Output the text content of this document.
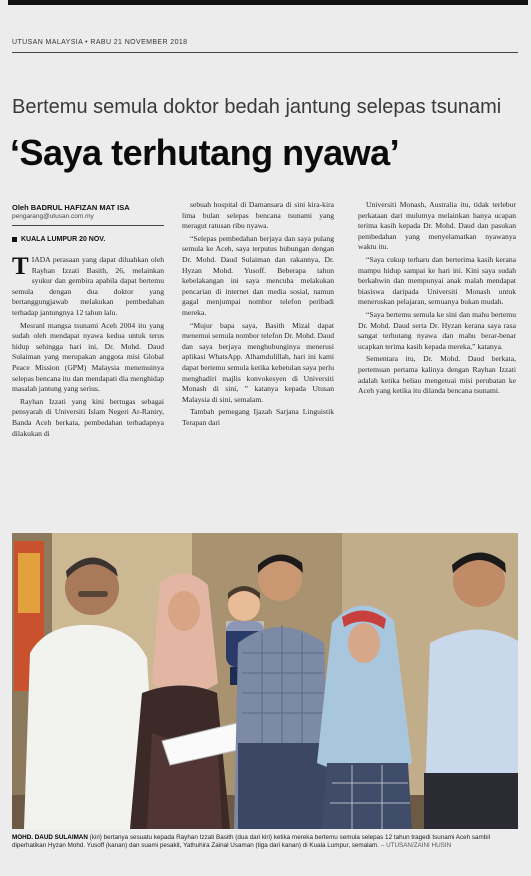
UTUSAN MALAYSIA • RABU 21 NOVEMBER 2018
Bertemu semula doktor bedah jantung selepas tsunami
‘Saya terhutang nyawa’
Oleh BADRUL HAFIZAN MAT ISA
pengarang@utusan.com.my
KUALA LUMPUR 20 NOV.

TIADA perasaan yang dapat diluahkan oleh Rayhan Izzati Basith, 26, melainkan syukur dan gembira apabila dapat bertemu semula dengan dua doktor yang bertanggungjawab melakukan pembedahan terhadap jantungnya 12 tahun lalu.

Mesranl mangsa tsunami Aceh 2004 itu yang sudah oleh mendapat nyawa kedua untuk terus hidup sehingga hari ini, Dr. Mohd. Daud Sulaiman yang merupakan anggota misi Global Peace Mission (GPM) Malaysia menemuinya selepas bencana itu dan mendapati dia menghidap masalah jantung yang serius.

Rayhan Izzati yang kini bertugas sebagai pensyarah di Universiti Islam Negeri Ar-Raniry, Banda Aceh berkata, pembedahan terhadapnya dilakukan di

sebuah hospital di Damansara di sini kira-kira lima bulan selepas bencana tsunami yang meragut ratusan ribu nyawa.

“Selepas pembedahan berjaya dan saya pulang semula ke Aceh, saya terputus hubungan dengan Dr. Mohd. Daud Sulaiman dan rakannya, Dr. Hyzan Mohd. Yusoff. Beberapa tahun kebelakangan ini saya mencuba melakukan pencarian di internet dan media sosial, namun gagal menjumpai nombor telefon peribadi mereka.

“Mujur bapa saya, Basith Mizal dapat menemui semula nombor telefon Dr. Mohd. Daud dan saya berjaya menghubunginya menerusi aplikasi WhatsApp. Alhamdulillah, hari ini kami dapat bertemu semula ketika kebetulan saya perlu menghadiri majlis konvokesyen di Universiti Monash di sini, ” katanya kepada Utusan Malaysia di sini, semalam.

Tambah pemegang Ijazah Sarjana Linguistik Terapan dari

Universiti Monash, Australia itu, tidak terlebur perkataan dari mulutnya melainkan hanya ucapan terima kasih kepada Dr. Mohd. Daud dan pasukan pembedahan yang menyelamatkan nyawanya waktu itu.

“Saya cukup terharu dan berterima kasih kerana mampu hidup sampai ke hari ini. Kini saya sudah berkahwin dan mempunyai anak malah mendapat biasiswa daripada Universiti Monash untuk meneruskan pelajaran, semuanya bukan mudah.

“Saya bertemu semula ke sini dan mahu bertemu Dr. Mohd. Daud serta Dr. Hyzan kerana saya rasa sangat terhutang nyawa dan mahu berar-benar ucapkan terima kasih kepada mereka,” katanya.

Sementara itu, Dr. Mohd. Daud berkata, pertemuan pertama kalinya dengan Rayhan Izzati adalah ketika beliau mengetuai misi perubatan ke Aceh yang ketika itu dilanda bencana tsunami.

MOHD. DAUD SULAIMAN (kiri) bertanya sesuatu kepada Rayhan Izzati Basith (dua dari kiri) ketika mereka bertemu semula selepas 12 tahun tragedi tsunami Aceh sambil diperhatikan Hyzan Mohd. Yusoff (kanan) dan suami pesakit, Yathuhira Zainal Usaman (tiga dari kanan) di Kuala Lumpur, semalam. – UTUSAN/ZAINI HUSIN
